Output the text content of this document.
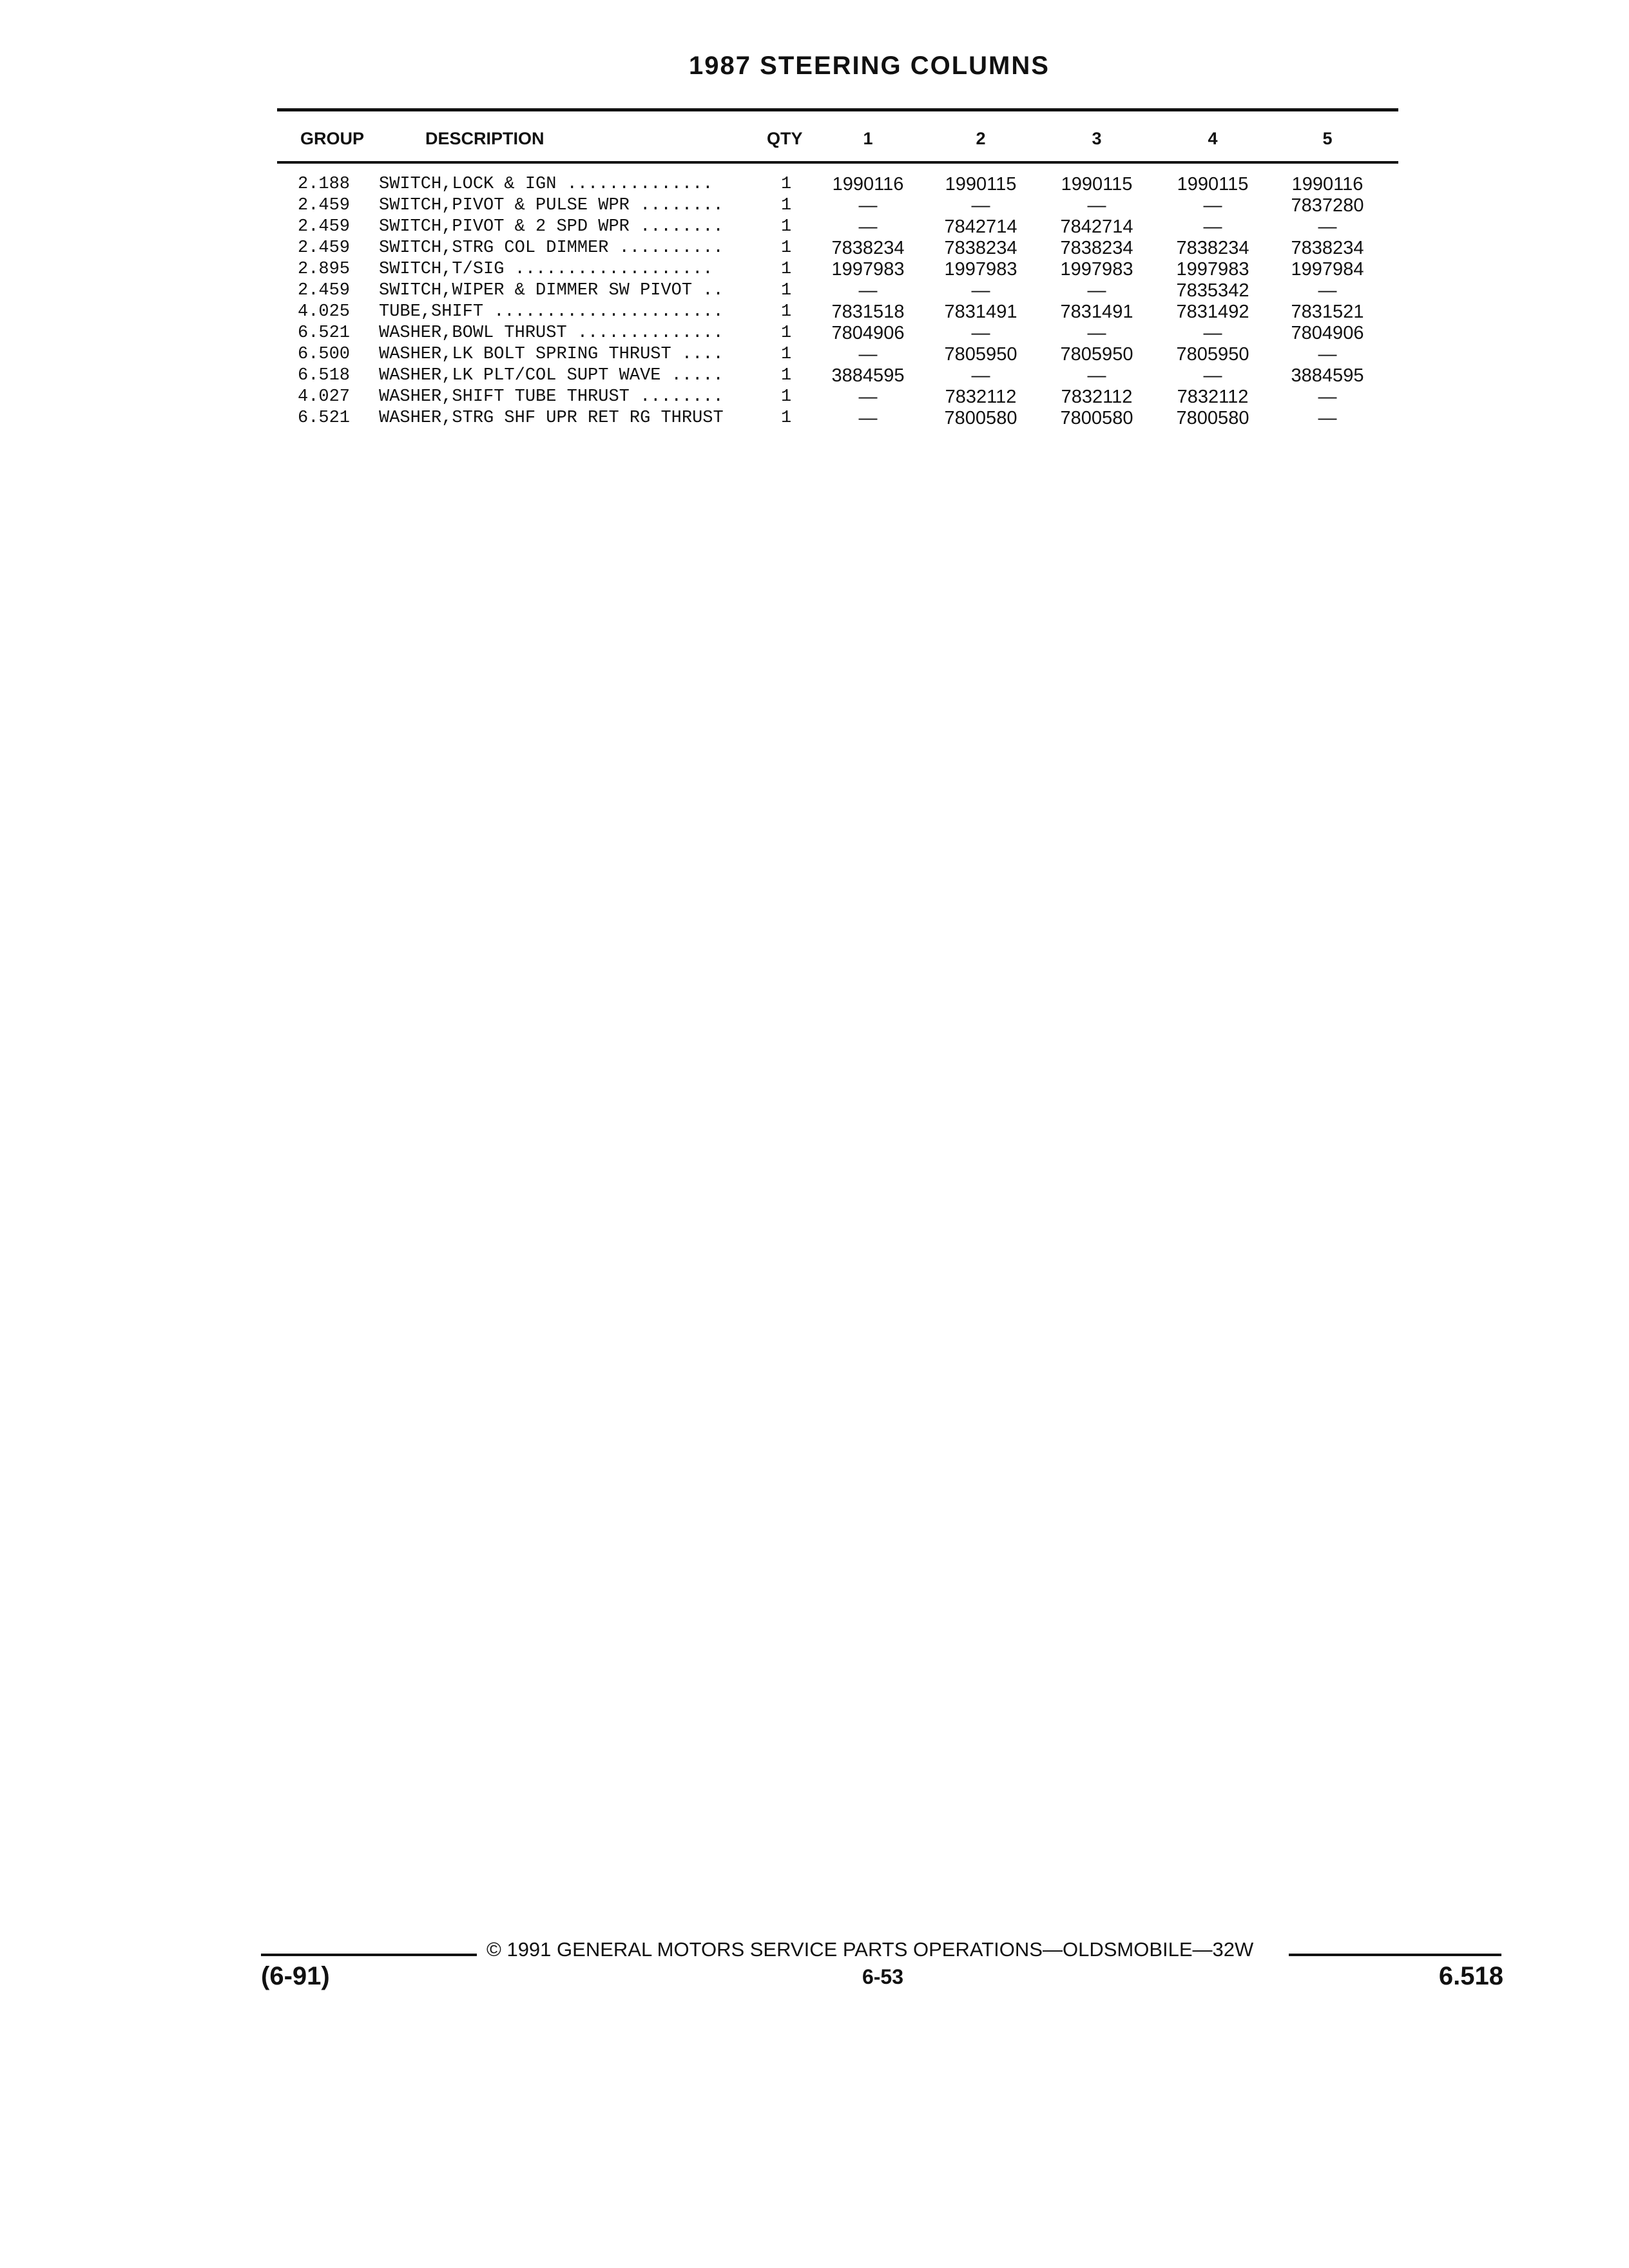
1987 STEERING COLUMNS
GROUP	DESCRIPTION	QTY	1	2	3	4	5
2.188 SWITCH,LOCK & IGN ..............	1	1990116	1990115	1990115	1990115	1990116
2.459 SWITCH,PIVOT & PULSE WPR ........	1	—	—	—	—	7837280
2.459 SWITCH,PIVOT & 2 SPD WPR ........	1	—	7842714	7842714	—	—
2.459 SWITCH,STRG COL DIMMER ..........	1	7838234	7838234	7838234	7838234	7838234
2.895 SWITCH,T/SIG ...................	1	1997983	1997983	1997983	1997983	1997984
2.459 SWITCH,WIPER & DIMMER SW PIVOT ..	1	—	—	—	7835342	—
4.025 TUBE,SHIFT ......................	1	7831518	7831491	7831491	7831492	7831521
6.521 WASHER,BOWL THRUST ..............	1	7804906	—	—	—	7804906
6.500 WASHER,LK BOLT SPRING THRUST ....	1	—	7805950	7805950	7805950	—
6.518 WASHER,LK PLT/COL SUPT WAVE .....	1	3884595	—	—	—	3884595
4.027 WASHER,SHIFT TUBE THRUST ........	1	—	7832112	7832112	7832112	—
6.521 WASHER,STRG SHF UPR RET RG THRUST	1	—	7800580	7800580	7800580	—
© 1991 GENERAL MOTORS SERVICE PARTS OPERATIONS—OLDSMOBILE—32W
(6-91)	6-53	6.518
